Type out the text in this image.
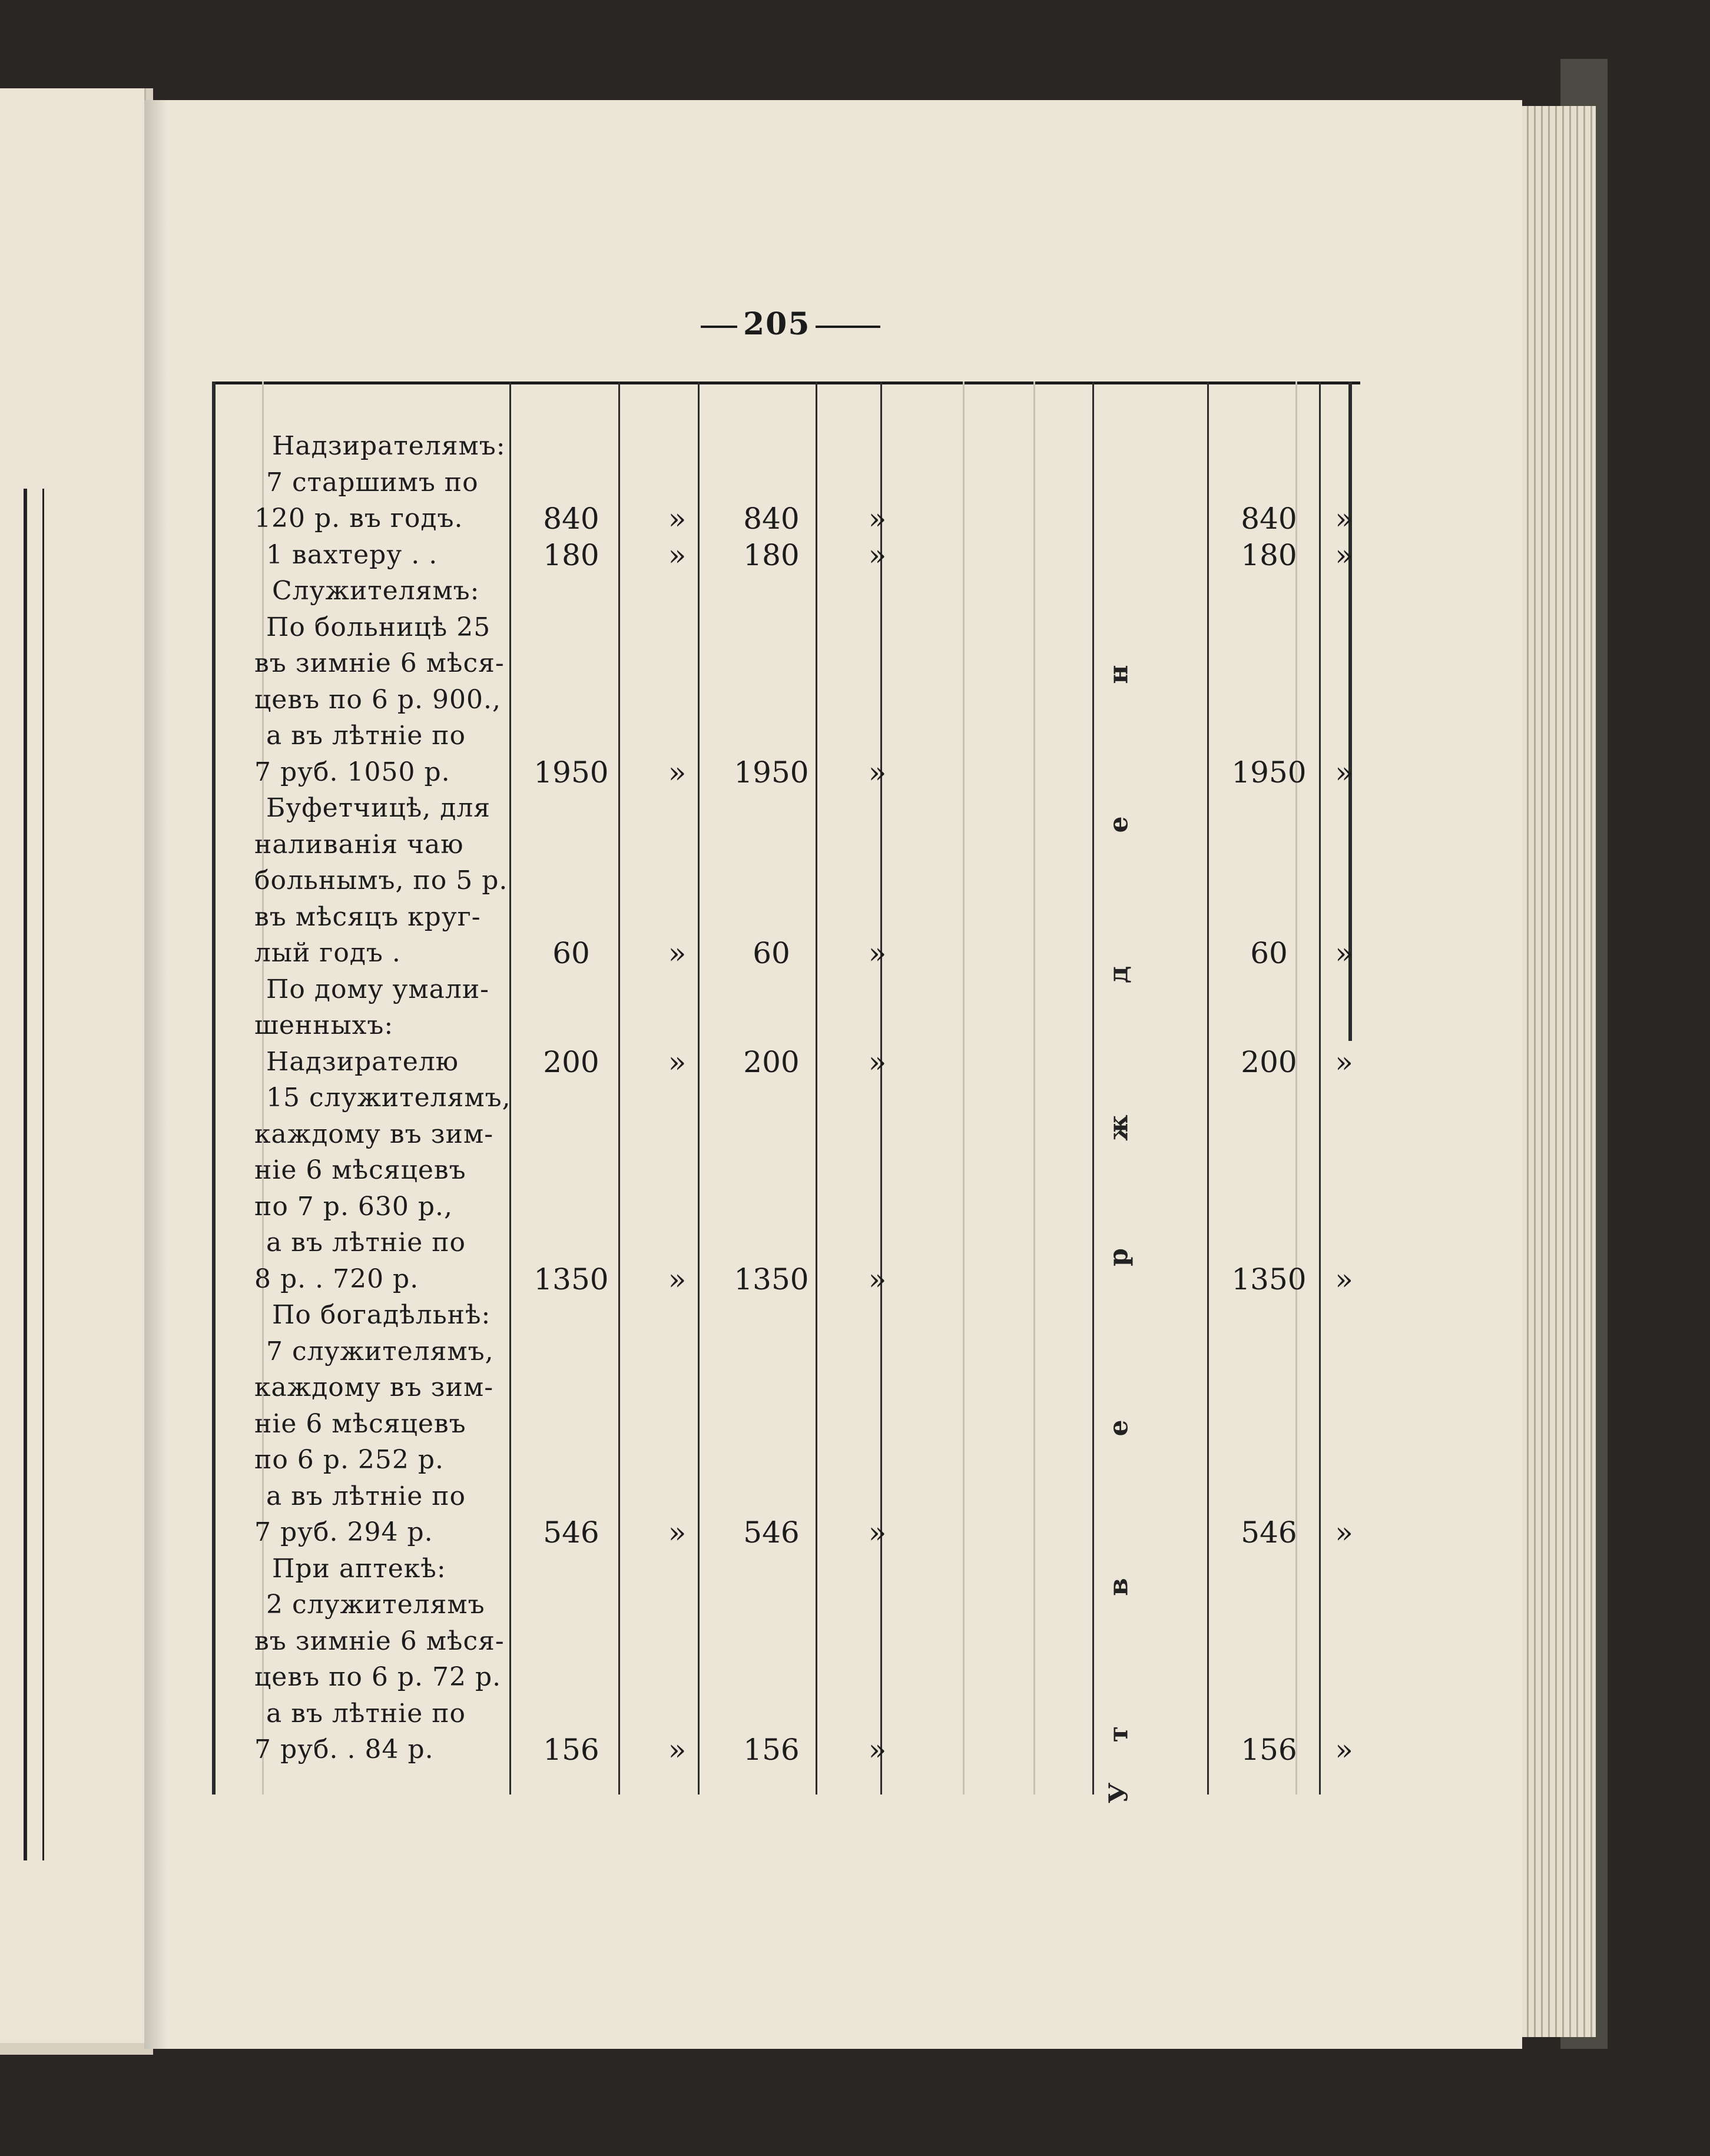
205
Надзирателямъ:
7 старшимъ по
120 р. въ годъ.	840	»	840	»	840	»
1 вахтеру . .	180	»	180	»	180	»
Служителямъ:
По больницѣ 25
въ зимніе 6 мѣся-
цевъ по 6 р. 900.,
а въ лѣтніе по
7 руб. 1050 р.	1950	»	1950	»	1950 »
Буфетчицѣ, для
наливанія чаю
больнымъ, по 5 р.
въ мѣсяцъ круг-
лый годъ .	60	»	60	»	60	»
По дому умали-
шенныхъ:
Надзирателю	200	»	200	»	200	»
15 служителямъ,
каждому въ зим-
ніе 6 мѣсяцевъ
по 7 р. 630 р.,
а въ лѣтніе по
8 р. . 720 р.	1350	»	1350	»	1350 »
По богадѣльнѣ:
7 служителямъ,
каждому въ зим-
ніе 6 мѣсяцевъ
по 6 р. 252 р.
а въ лѣтніе по
7 руб. 294 р.	546	»	546	»	546	»
При аптекѣ:
2 служителямъ
въ зимніе 6 мѣся-
цевъ по 6 р. 72 р.
а въ лѣтніе по
7 руб. . 84 р.	156	»	156	»	156	»
н
е
д
ж
р
е
в
т
У
